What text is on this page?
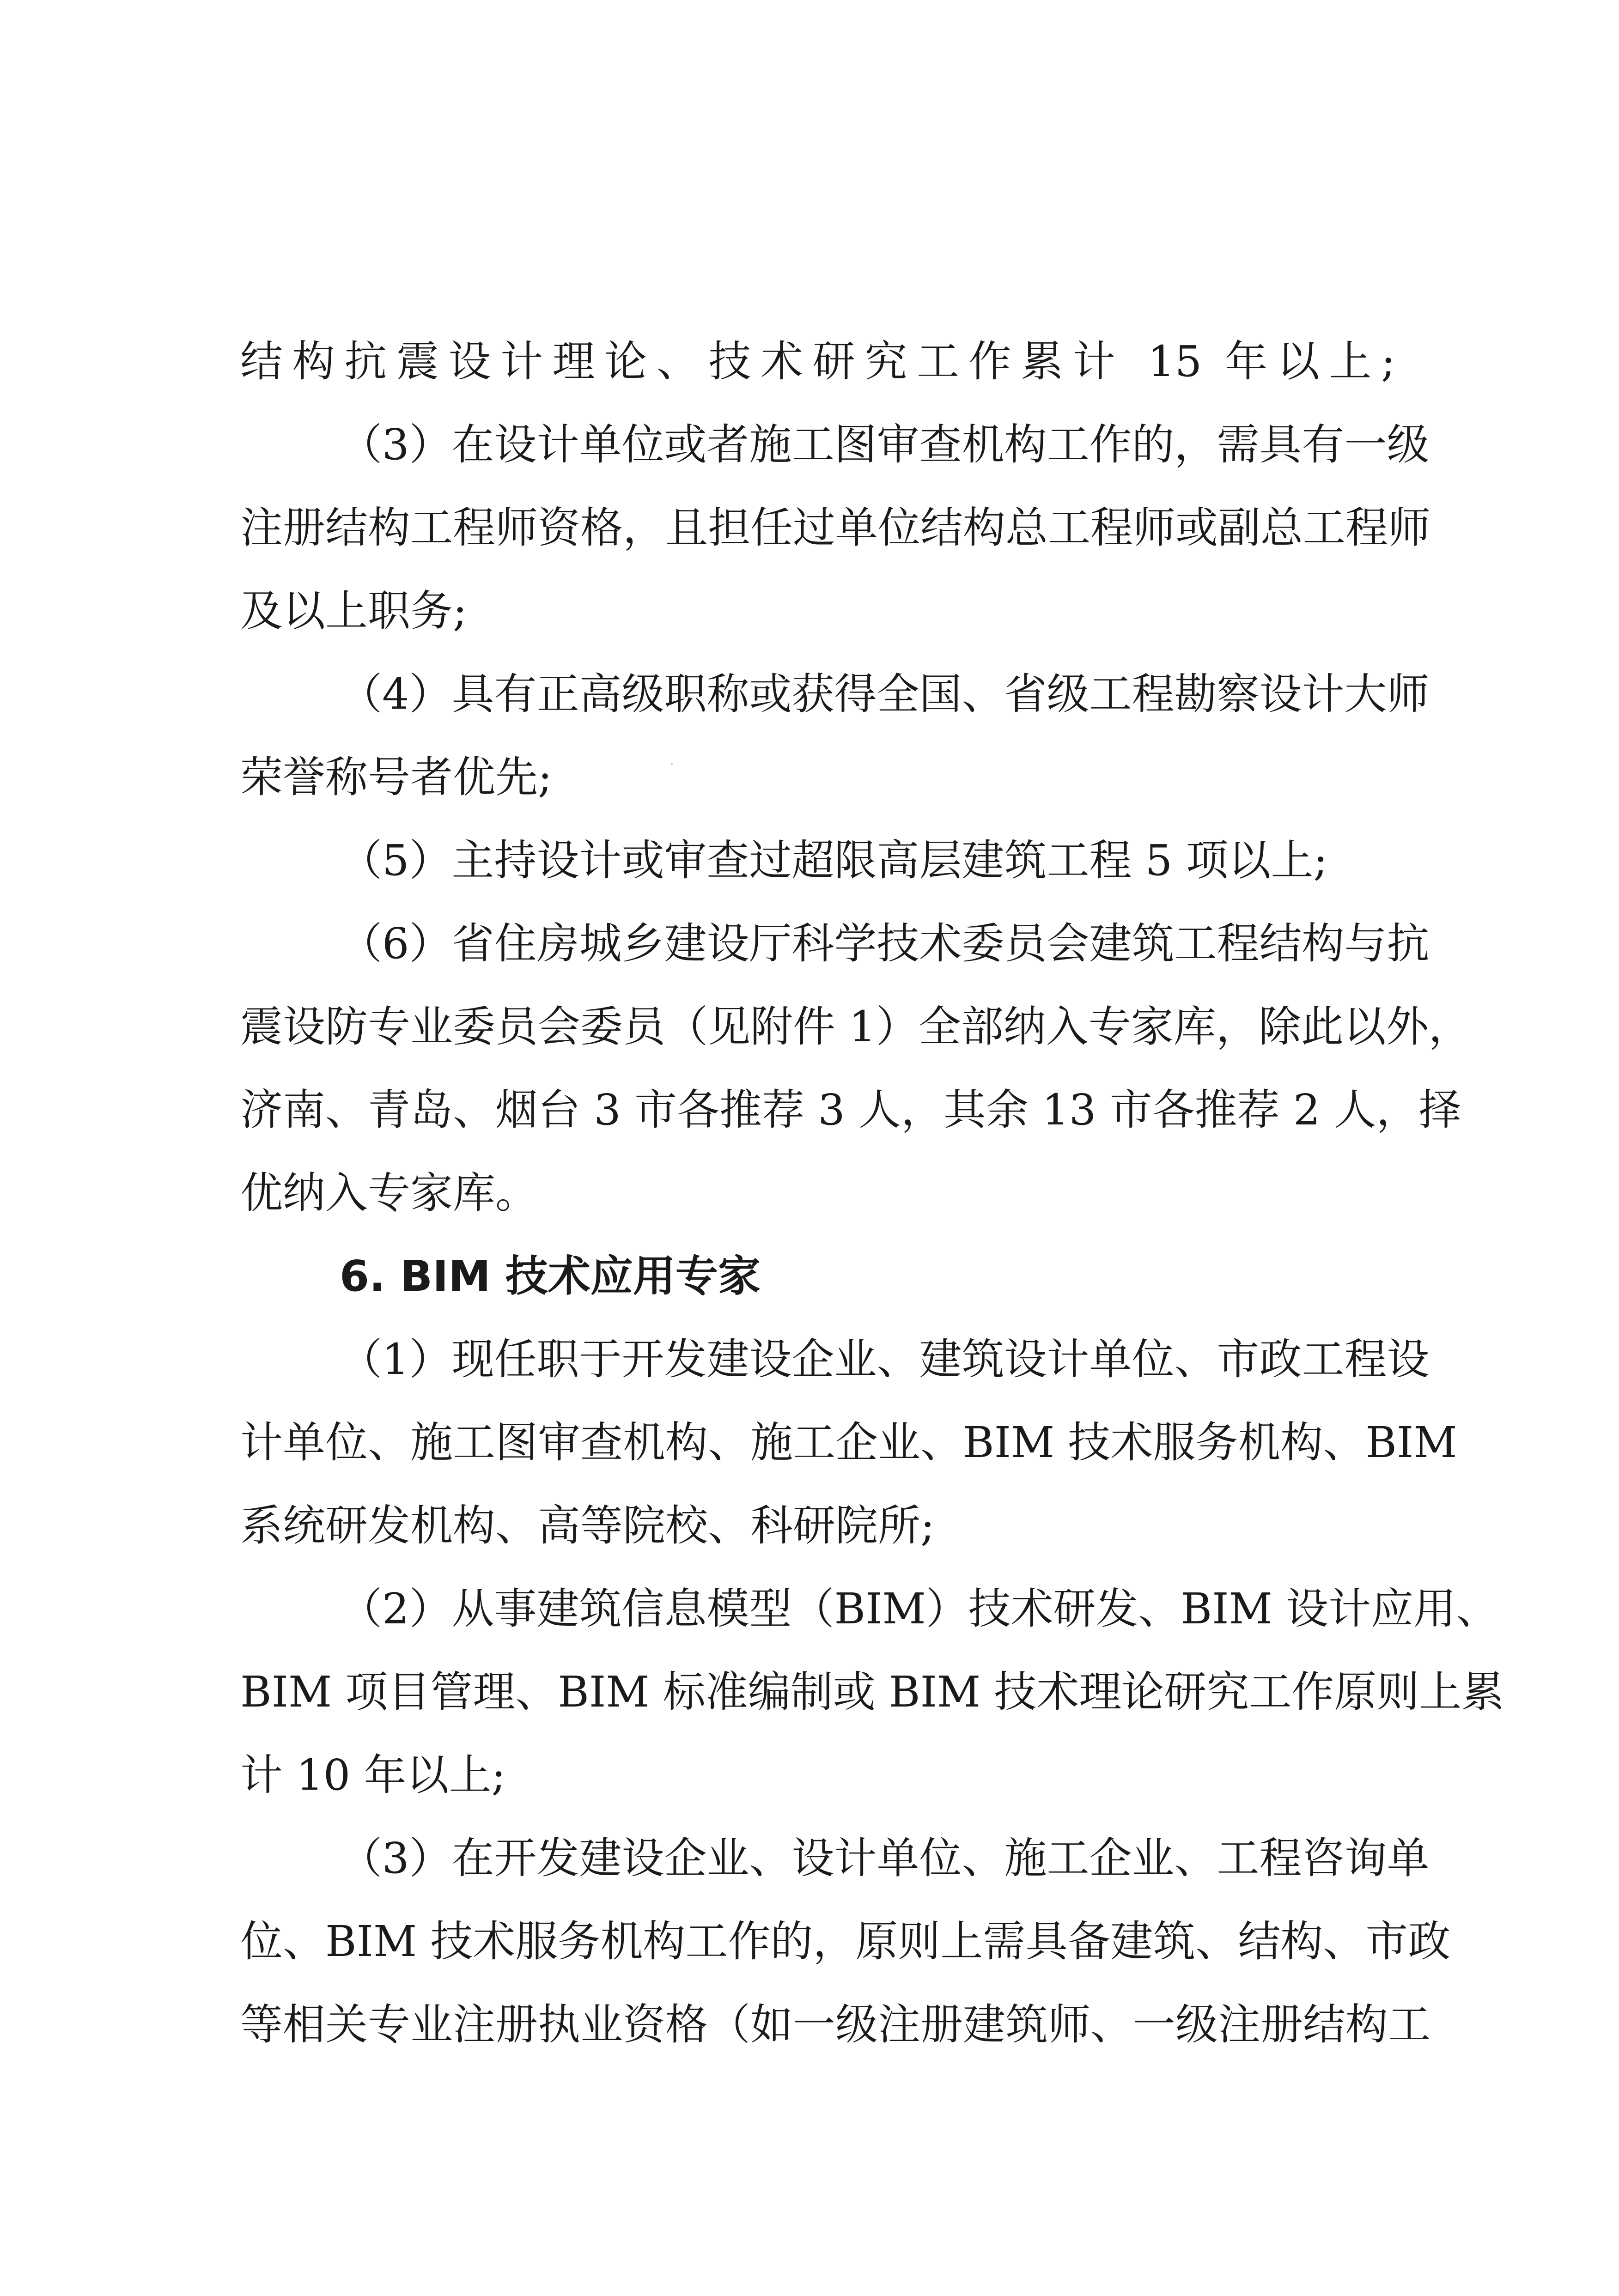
结构抗震设计理论、技术研究工作累计 15 年以上;
（3）在设计单位或者施工图审查机构工作的，需具有一级
注册结构工程师资格，且担任过单位结构总工程师或副总工程师
及以上职务;
（4）具有正高级职称或获得全国、省级工程勘察设计大师
荣誉称号者优先;
（5）主持设计或审查过超限高层建筑工程 5 项以上;
（6）省住房城乡建设厅科学技术委员会建筑工程结构与抗
震设防专业委员会委员（见附件 1）全部纳入专家库，除此以外，
济南、青岛、烟台 3 市各推荐 3 人，其余 13 市各推荐 2 人，择
优纳入专家库。
6. BIM 技术应用专家
（1）现任职于开发建设企业、建筑设计单位、市政工程设
计单位、施工图审查机构、施工企业、BIM 技术服务机构、BIM
系统研发机构、高等院校、科研院所;
（2）从事建筑信息模型（BIM）技术研发、BIM 设计应用、
BIM 项目管理、BIM 标准编制或 BIM 技术理论研究工作原则上累
计 10 年以上;
（3）在开发建设企业、设计单位、施工企业、工程咨询单
位、BIM 技术服务机构工作的，原则上需具备建筑、结构、市政
等相关专业注册执业资格（如一级注册建筑师、一级注册结构工
